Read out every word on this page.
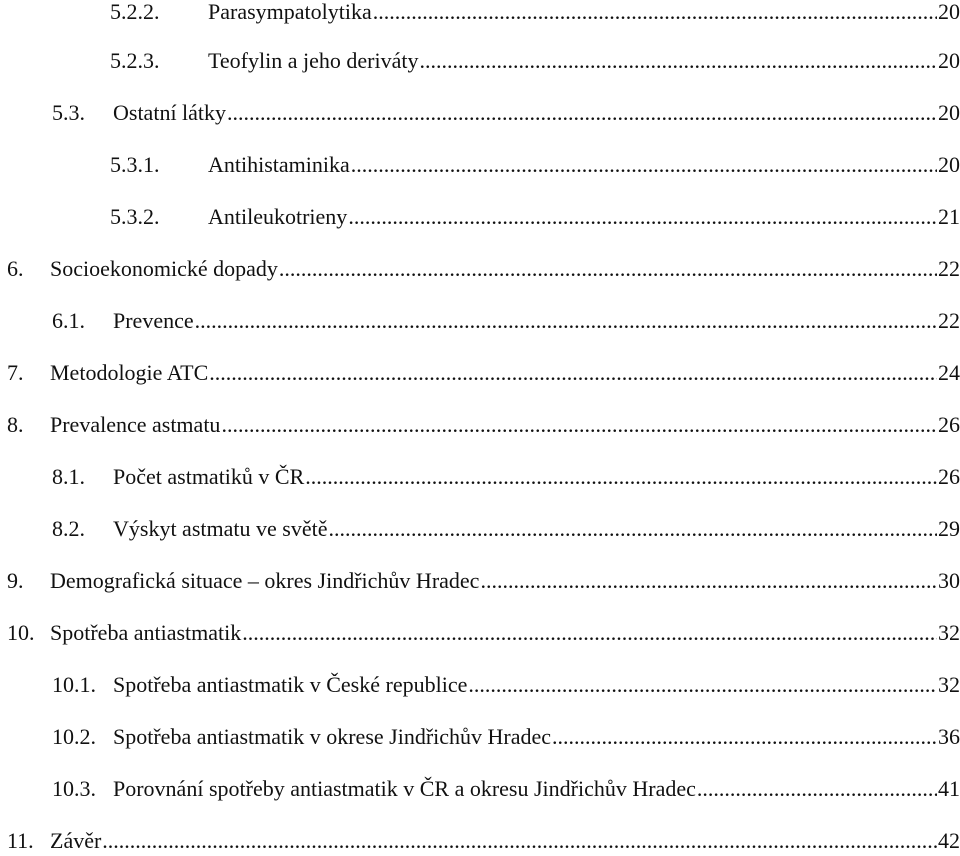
5.2.2.	Parasympatolytika .....	20
5.2.3.	Teofylin a jeho deriváty .....	20
5.3.	Ostatní látky .....	20
5.3.1.	Antihistaminika .....	20
5.3.2.	Antileukotrieny .....	21
6.	Socioekonomické dopady .....	22
6.1.	Prevence .....	22
7.	Metodologie ATC .....	24
8.	Prevalence astmatu .....	26
8.1.	Počet astmatiků v ČR .....	26
8.2.	Výskyt astmatu ve světě .....	29
9.	Demografická situace – okres Jindřichův Hradec .....	30
10. Spotřeba antiastmatik .....	32
10.1. Spotřeba antiastmatik v České republice .....	32
10.2. Spotřeba antiastmatik v okrese Jindřichův Hradec .....	36
10.3. Porovnání spotřeby antiastmatik v ČR a okresu Jindřichův Hradec .....	41
11. Závěr .....	42
